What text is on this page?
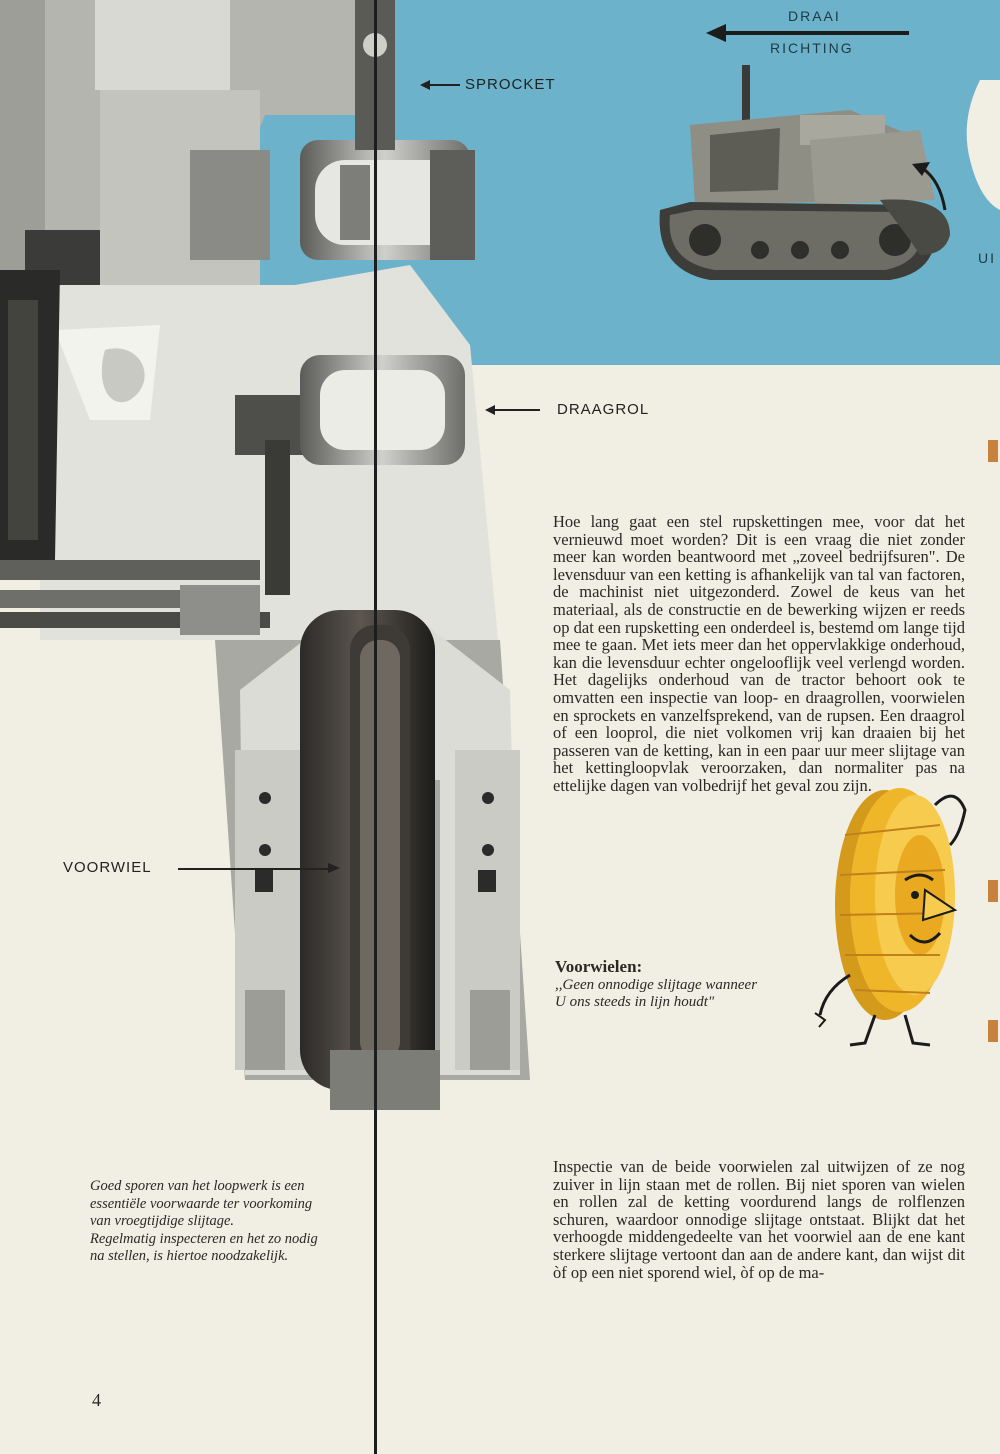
SPROCKET
DRAAGROL
VOORWIEL
DRAAI
RICHTING
UI

Hoe lang gaat een stel rupskettingen mee, voor dat het vernieuwd moet worden? Dit is een vraag die niet zonder meer kan worden beantwoord met „zoveel bedrijfsuren". De levensduur van een ketting is afhankelijk van tal van factoren, de machinist niet uitgezonderd. Zowel de keus van het materiaal, als de constructie en de bewerking wijzen er reeds op dat een rupsketting een onderdeel is, bestemd om lange tijd mee te gaan. Met iets meer dan het oppervlakkige onderhoud, kan die levensduur echter ongelooflijk veel verlengd worden. Het dagelijks onderhoud van de tractor behoort ook te omvatten een inspectie van loop- en draagrollen, voorwielen en sprockets en vanzelfsprekend, van de rupsen. Een draagrol of een looprol, die niet volkomen vrij kan draaien bij het passeren van de ketting, kan in een paar uur meer slijtage van het kettingloopvlak veroorzaken, dan normaliter pas na ettelijke dagen van volbedrijf het geval zou zijn.

Voorwielen:

,,Geen onnodige slijtage wanneer U ons steeds in lijn houdt"

Inspectie van de beide voorwielen zal uitwijzen of ze nog zuiver in lijn staan met de rollen. Bij niet sporen van wielen en rollen zal de ketting voordurend langs de rolflenzen schuren, waardoor onnodige slijtage ontstaat. Blijkt dat het verhoogde middengedeelte van het voorwiel aan de ene kant sterkere slijtage vertoont dan aan de andere kant, dan wijst dit òf op een niet sporend wiel, òf op de ma-

Goed sporen van het loopwerk is een essentiële voorwaarde ter voorkoming van vroegtijdige slijtage.

Regelmatig inspecteren en het zo nodig na stellen, is hiertoe noodzakelijk.

4
